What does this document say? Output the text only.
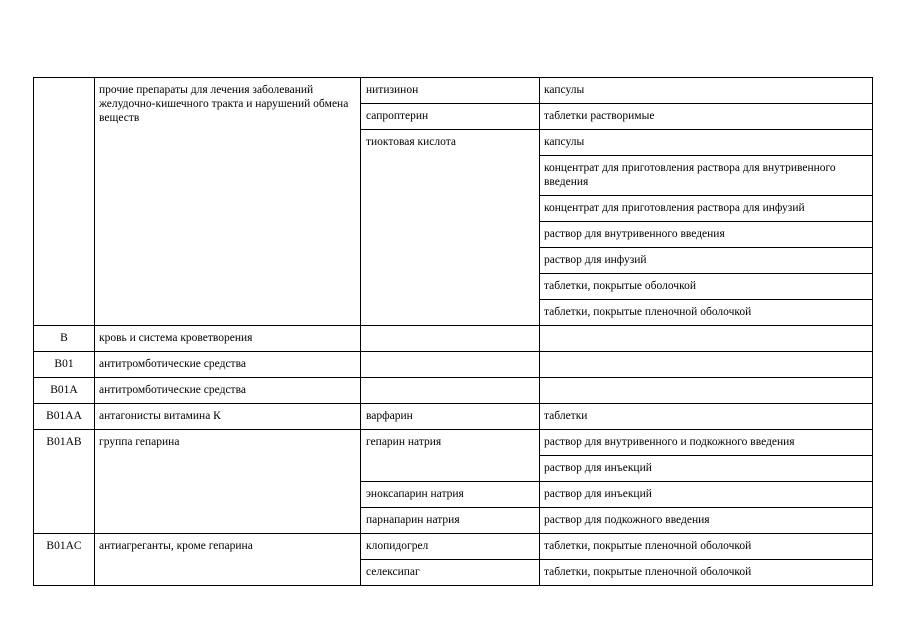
	прочие препараты для лечения заболеваний желудочно-кишечного тракта и нарушений обмена веществ	нитизинон	капсулы

		сапроптерин	таблетки растворимые

		тиоктовая кислота	капсулы

			концентрат для приготовления раствора для внутривенного введения

			концентрат для приготовления раствора для инфузий

			раствор для внутривенного введения

			раствор для инфузий

			таблетки, покрытые оболочкой

			таблетки, покрытые пленочной оболочкой

B	кровь и система кроветворения		

B01	антитромботические средства		

B01A	антитромботические средства		

B01AA	антагонисты витамина К	варфарин	таблетки

B01AB	группа гепарина	гепарин натрия	раствор для внутривенного и подкожного введения

			раствор для инъекций

		эноксапарин натрия	раствор для инъекций

		парнапарин натрия	раствор для подкожного введения

B01AC	антиагреганты, кроме гепарина	клопидогрел	таблетки, покрытые пленочной оболочкой

		селексипаг	таблетки, покрытые пленочной оболочкой
